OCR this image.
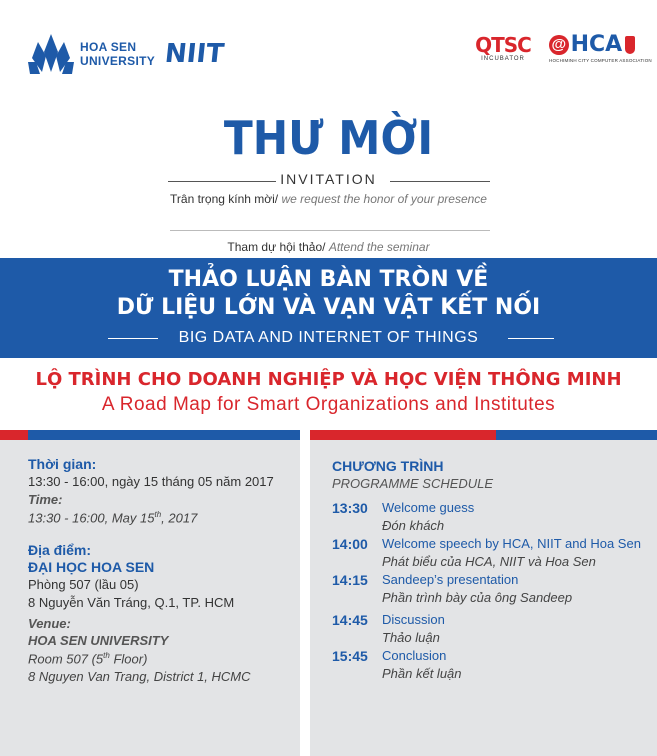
HOA SEN
UNIVERSITY NIIT	QTSC
INCUBATOR
@ HCA
HOCHIMINH CITY COMPUTER ASSOCIATION
THƯ MỜI
INVITATION
Trân trọng kính mời/ we request the honor of your presence
Tham dự hội thảo/ Attend the seminar
THẢO LUẬN BÀN TRÒN VỀ
DỮ LIỆU LỚN VÀ VẠN VẬT KẾT NỐI
BIG DATA AND INTERNET OF THINGS
LỘ TRÌNH CHO DOANH NGHIỆP VÀ HỌC VIỆN THÔNG MINH
A Road Map for Smart Organizations and Institutes
Thời gian:
13:30 - 16:00, ngày 15 tháng 05 năm 2017
Time:
13:30 - 16:00, May 15th, 2017
Địa điểm:
ĐẠI HỌC HOA SEN
Phòng 507 (lầu 05)
8 Nguyễn Văn Tráng, Q.1, TP. HCM
Venue:
HOA SEN UNIVERSITY
Room 507 (5th Floor)
8 Nguyen Van Trang, District 1, HCMC
CHƯƠNG TRÌNH
PROGRAMME SCHEDULE
13:30 Welcome guess
Đón khách
14:00 Welcome speech by HCA, NIIT and Hoa Sen
Phát biểu của HCA, NIIT và Hoa Sen
14:15 Sandeep’s presentation
Phần trình bày của ông Sandeep
14:45 Discussion
Thảo luận
15:45 Conclusion
Phần kết luận
